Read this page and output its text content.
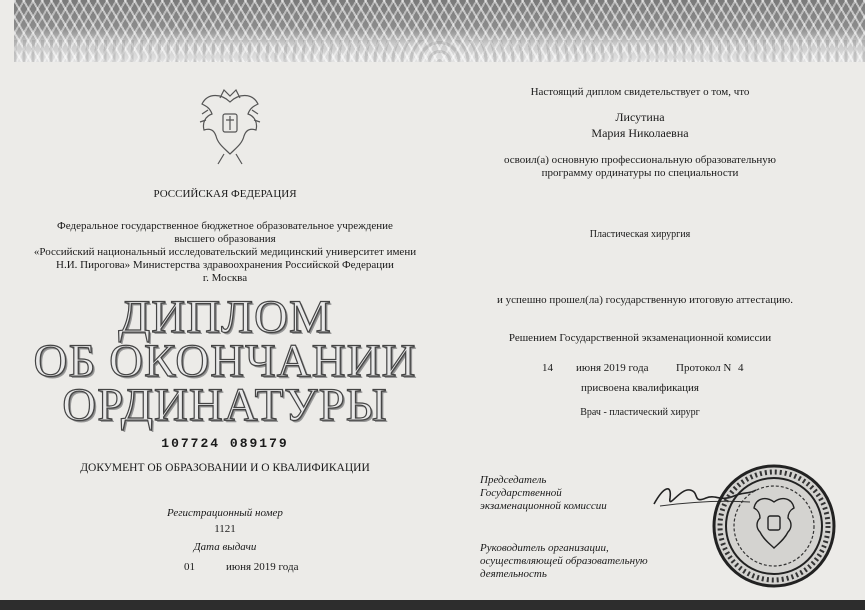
РОССИЙСКАЯ ФЕДЕРАЦИЯ
Федеральное государственное бюджетное образовательное учреждение
высшего образования
«Российский национальный исследовательский медицинский университет имени
Н.И. Пирогова» Министерства здравоохранения Российской Федерации
г. Москва
ДИПЛОМ
ОБ ОКОНЧАНИИ
ОРДИНАТУРЫ
107724 089179
ДОКУМЕНТ ОБ ОБРАЗОВАНИИ И О КВАЛИФИКАЦИИ
Регистрационный номер
1121
Дата выдачи
01	июня 2019 года
Настоящий диплом свидетельствует о том, что
Лисутина
Мария Николаевна
освоил(а) основную профессиональную образовательную
программу ординатуры по специальности
Пластическая хирургия
и успешно прошел(ла) государственную итоговую аттестацию.
Решением Государственной экзаменационной комиссии
14 июня 2019 года	Протокол N 4
присвоена квалификация
Врач - пластический хирург
Председатель
Государственной
экзаменационной комиссии
Руководитель организации,
осуществляющей образовательную
деятельность
